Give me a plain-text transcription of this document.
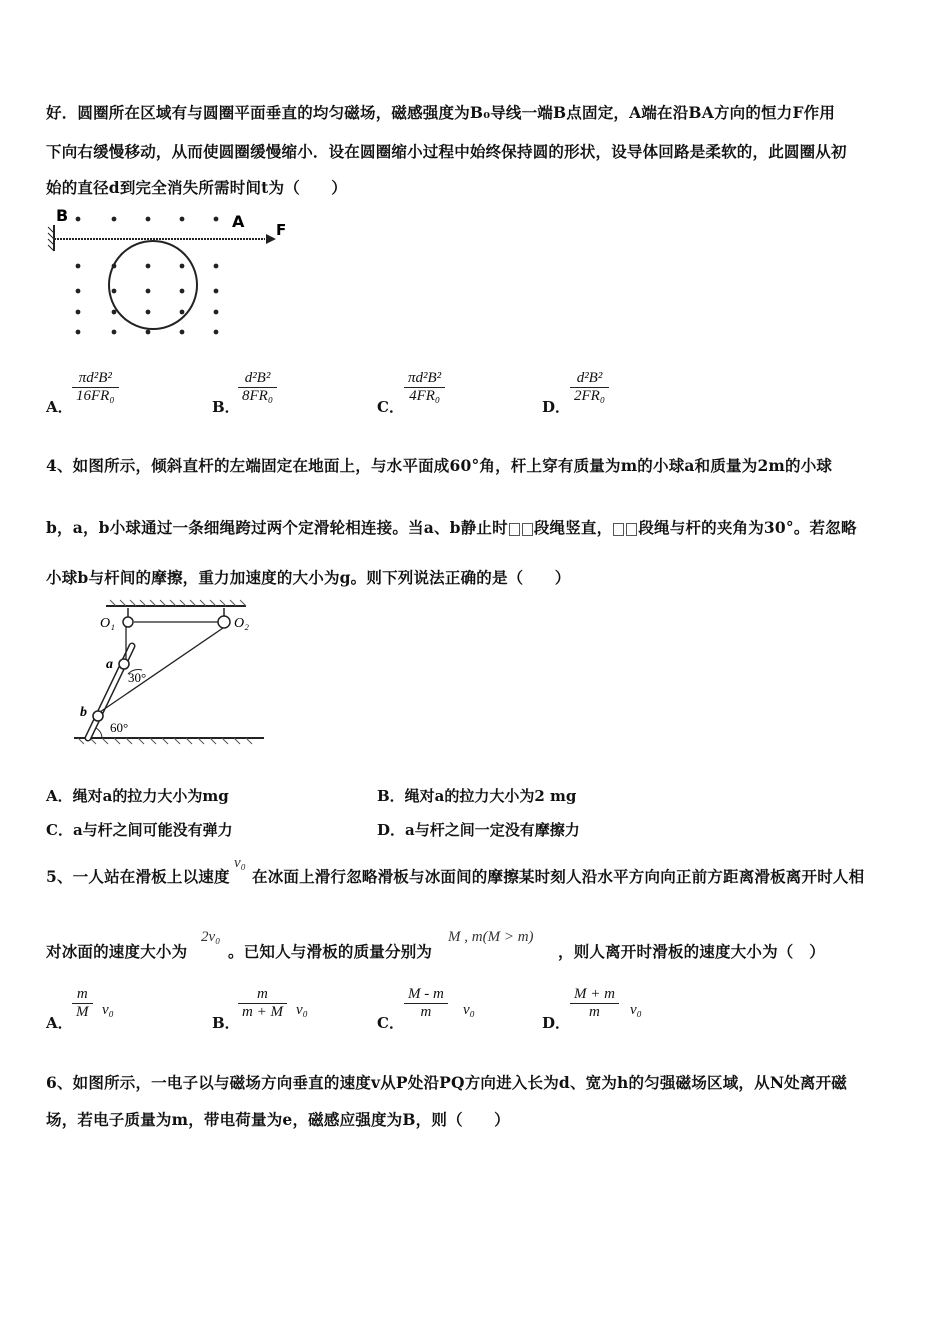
好．圆圈所在区域有与圆圈平面垂直的均匀磁场，磁感强度为B₀导线一端B点固定，A端在沿BA方向的恒力F作用
下向右缓慢移动，从而使圆圈缓慢缩小．设在圆圈缩小过程中始终保持圆的形状，设导体回路是柔软的，此圆圈从初
始的直径d到完全消失所需时间t为（　　）
B	A F
A．
$\frac{\text{πd²B²}}{\text{16FR₀}}$
B．
$\frac{\text{d²B²}}{\text{8FR₀}}$
C．
$\frac{\text{πd²B²}}{\text{4FR₀}}$
D．
$\frac{\text{d²B²}}{\text{2FR₀}}$
4、如图所示，倾斜直杆的左端固定在地面上，与水平面成60°角，杆上穿有质量为m的小球a和质量为2m的小球
b，a，b小球通过一条细绳跨过两个定滑轮相连接。当a、b静止时 段绳竖直， 段绳与杆的夹角为30°。若忽略
小球b与杆间的摩擦，重力加速度的大小为g。则下列说法正确的是（　　）
O₁	O₂
a
b
30°
60°
A．绳对a的拉力大小为mg	B．绳对a的拉力大小为2 mg
C．a与杆之间可能没有弹力	D．a与杆之间一定没有摩擦力
5、一人站在滑板上以速度
v₀
在冰面上滑行忽略滑板与冰面间的摩擦某时刻人沿水平方向向正前方距离滑板离开时人相
对冰面的速度大小为
2v₀
。已知人与滑板的质量分别为
M , m(M > m)
，则人离开时滑板的速度大小为（　）
A．
$\frac{m}{M} v_0$
B．
$\frac{m}{m + M} v_0$
C．
$\frac{M - m}{m} v_0$
D．
$\frac{M + m}{m} v_0$
6、如图所示，一电子以与磁场方向垂直的速度v从P处沿PQ方向进入长为d、宽为h的匀强磁场区域，从N处离开磁
场，若电子质量为m，带电荷量为e，磁感应强度为B，则（　　）
